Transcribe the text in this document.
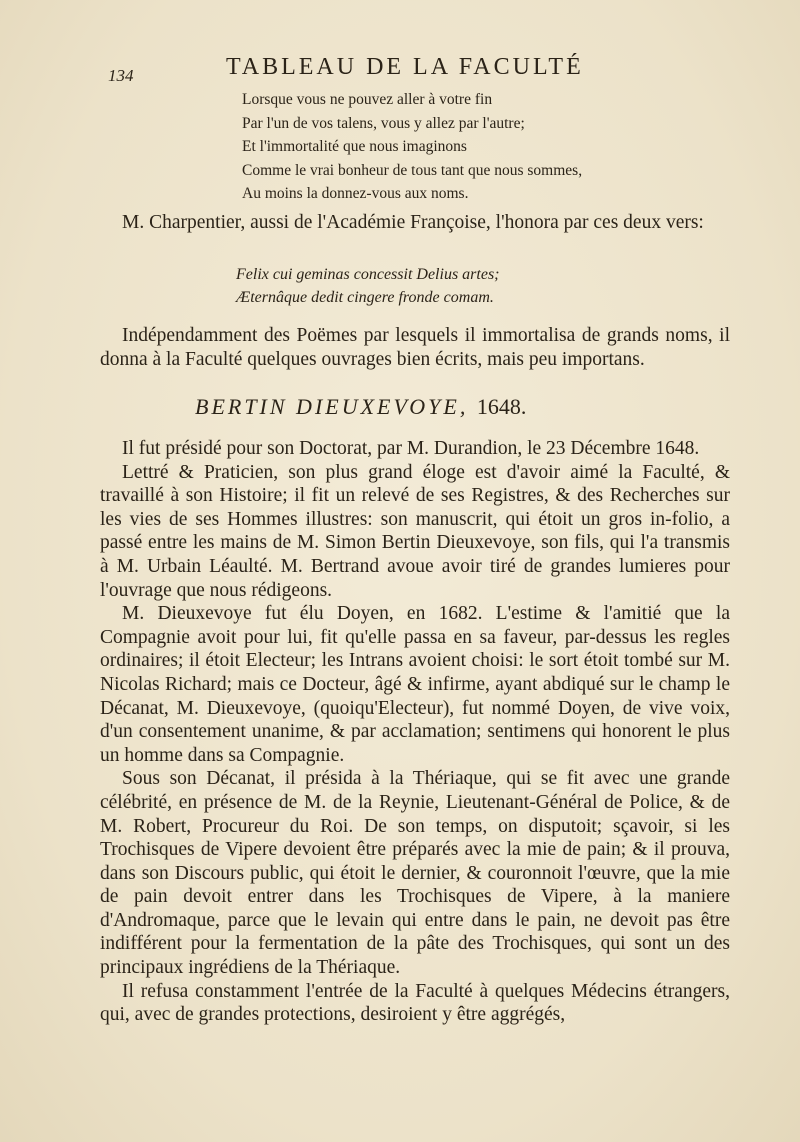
134	TABLEAU DE LA FACULTÉ
Lorsque vous ne pouvez aller à votre fin
Par l'un de vos talens, vous y allez par l'autre;
Et l'immortalité que nous imaginons
Comme le vrai bonheur de tous tant que nous sommes,
Au moins la donnez-vous aux noms.

M. Charpentier, aussi de l'Académie Françoise, l'honora par ces deux vers:

Felix cui geminas concessit Delius artes;
Æternâque dedit cingere fronde comam.

Indépendamment des Poëmes par lesquels il immortalisa de grands noms, il donna à la Faculté quelques ouvrages bien écrits, mais peu importans.

BERTIN DIEUXEVOYE, 1648.

Il fut présidé pour son Doctorat, par M. Durandion, le 23 Décembre 1648.

Lettré & Praticien, son plus grand éloge est d'avoir aimé la Faculté, & travaillé à son Histoire; il fit un relevé de ses Registres, & des Recherches sur les vies de ses Hommes illustres: son manuscrit, qui étoit un gros in-folio, a passé entre les mains de M. Simon Bertin Dieuxevoye, son fils, qui l'a transmis à M. Urbain Léaulté. M. Bertrand avoue avoir tiré de grandes lumieres pour l'ouvrage que nous rédigeons.

M. Dieuxevoye fut élu Doyen, en 1682. L'estime & l'amitié que la Compagnie avoit pour lui, fit qu'elle passa en sa faveur, par-dessus les regles ordinaires; il étoit Electeur; les Intrans avoient choisi: le sort étoit tombé sur M. Nicolas Richard; mais ce Docteur, âgé & infirme, ayant abdiqué sur le champ le Décanat, M. Dieuxevoye, (quoiqu'Electeur), fut nommé Doyen, de vive voix, d'un consentement unanime, & par acclamation; sentimens qui honorent le plus un homme dans sa Compagnie.

Sous son Décanat, il présida à la Thériaque, qui se fit avec une grande célébrité, en présence de M. de la Reynie, Lieutenant-Général de Police, & de M. Robert, Procureur du Roi. De son temps, on disputoit; sçavoir, si les Trochisques de Vipere devoient être préparés avec la mie de pain; & il prouva, dans son Discours public, qui étoit le dernier, & couronnoit l'œuvre, que la mie de pain devoit entrer dans les Trochisques de Vipere, à la maniere d'Andromaque, parce que le levain qui entre dans le pain, ne devoit pas être indifférent pour la fermentation de la pâte des Trochisques, qui sont un des principaux ingrédiens de la Thériaque.

Il refusa constamment l'entrée de la Faculté à quelques Médecins étrangers, qui, avec de grandes protections, desiroient y être aggrégés,
